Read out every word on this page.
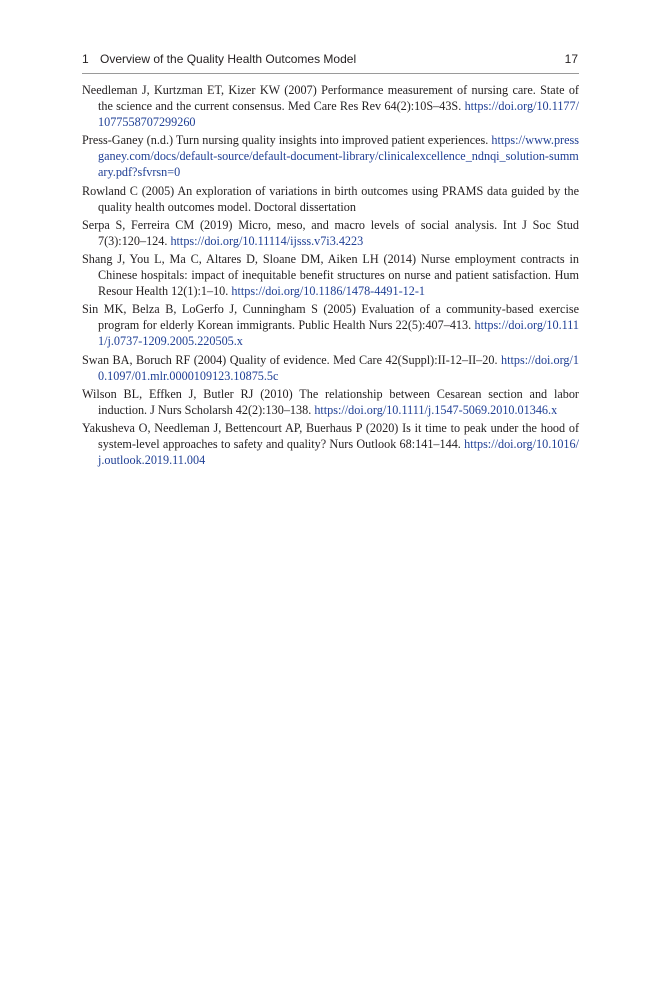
1 Overview of the Quality Health Outcomes Model	17

Needleman J, Kurtzman ET, Kizer KW (2007) Performance measurement of nursing care. State of the science and the current consensus. Med Care Res Rev 64(2):10S–43S. https://doi.org/10.1177/1077558707299260

Press-Ganey (n.d.) Turn nursing quality insights into improved patient experiences. https://www.pressganey.com/docs/default-source/default-document-library/clinicalexcellence_ndnqi_solution-summary.pdf?sfvrsn=0

Rowland C (2005) An exploration of variations in birth outcomes using PRAMS data guided by the quality health outcomes model. Doctoral dissertation

Serpa S, Ferreira CM (2019) Micro, meso, and macro levels of social analysis. Int J Soc Stud 7(3):120–124. https://doi.org/10.11114/ijsss.v7i3.4223

Shang J, You L, Ma C, Altares D, Sloane DM, Aiken LH (2014) Nurse employment contracts in Chinese hospitals: impact of inequitable benefit structures on nurse and patient satisfaction. Hum Resour Health 12(1):1–10. https://doi.org/10.1186/1478-4491-12-1

Sin MK, Belza B, LoGerfo J, Cunningham S (2005) Evaluation of a community-based exercise program for elderly Korean immigrants. Public Health Nurs 22(5):407–413. https://doi.org/10.1111/j.0737-1209.2005.220505.x

Swan BA, Boruch RF (2004) Quality of evidence. Med Care 42(Suppl):II-12–II–20. https://doi.org/10.1097/01.mlr.0000109123.10875.5c

Wilson BL, Effken J, Butler RJ (2010) The relationship between Cesarean section and labor induction. J Nurs Scholarsh 42(2):130–138. https://doi.org/10.1111/j.1547-5069.2010.01346.x

Yakusheva O, Needleman J, Bettencourt AP, Buerhaus P (2020) Is it time to peak under the hood of system-level approaches to safety and quality? Nurs Outlook 68:141–144. https://doi.org/10.1016/j.outlook.2019.11.004
